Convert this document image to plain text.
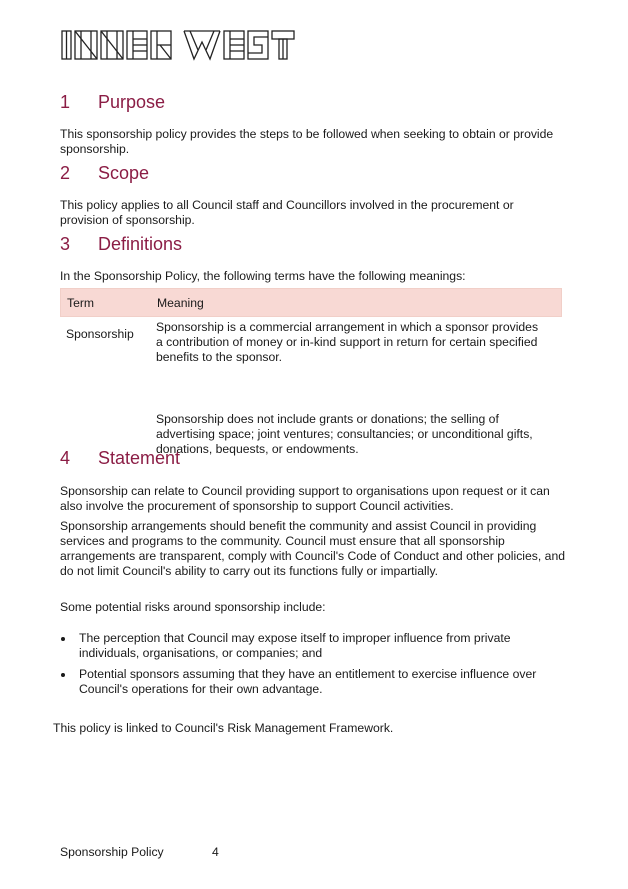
1 Purpose
This sponsorship policy provides the steps to be followed when seeking to obtain or provide sponsorship.
2 Scope
This policy applies to all Council staff and Councillors involved in the procurement or provision of sponsorship.
3 Definitions
In the Sponsorship Policy, the following terms have the following meanings:
Term	Meaning
Sponsorship Sponsorship is a commercial arrangement in which a sponsor provides a contribution of money or in-kind support in return for certain specified benefits to the sponsor.
Sponsorship does not include grants or donations; the selling of advertising space; joint ventures; consultancies; or unconditional gifts, donations, bequests, or endowments.
4 Statement
Sponsorship can relate to Council providing support to organisations upon request or it can also involve the procurement of sponsorship to support Council activities.
Sponsorship arrangements should benefit the community and assist Council in providing services and programs to the community. Council must ensure that all sponsorship arrangements are transparent, comply with Council's Code of Conduct and other policies, and do not limit Council's ability to carry out its functions fully or impartially.
Some potential risks around sponsorship include:
The perception that Council may expose itself to improper influence from private individuals, organisations, or companies; and
Potential sponsors assuming that they have an entitlement to exercise influence over Council's operations for their own advantage.
This policy is linked to Council's Risk Management Framework.
Sponsorship Policy	4
